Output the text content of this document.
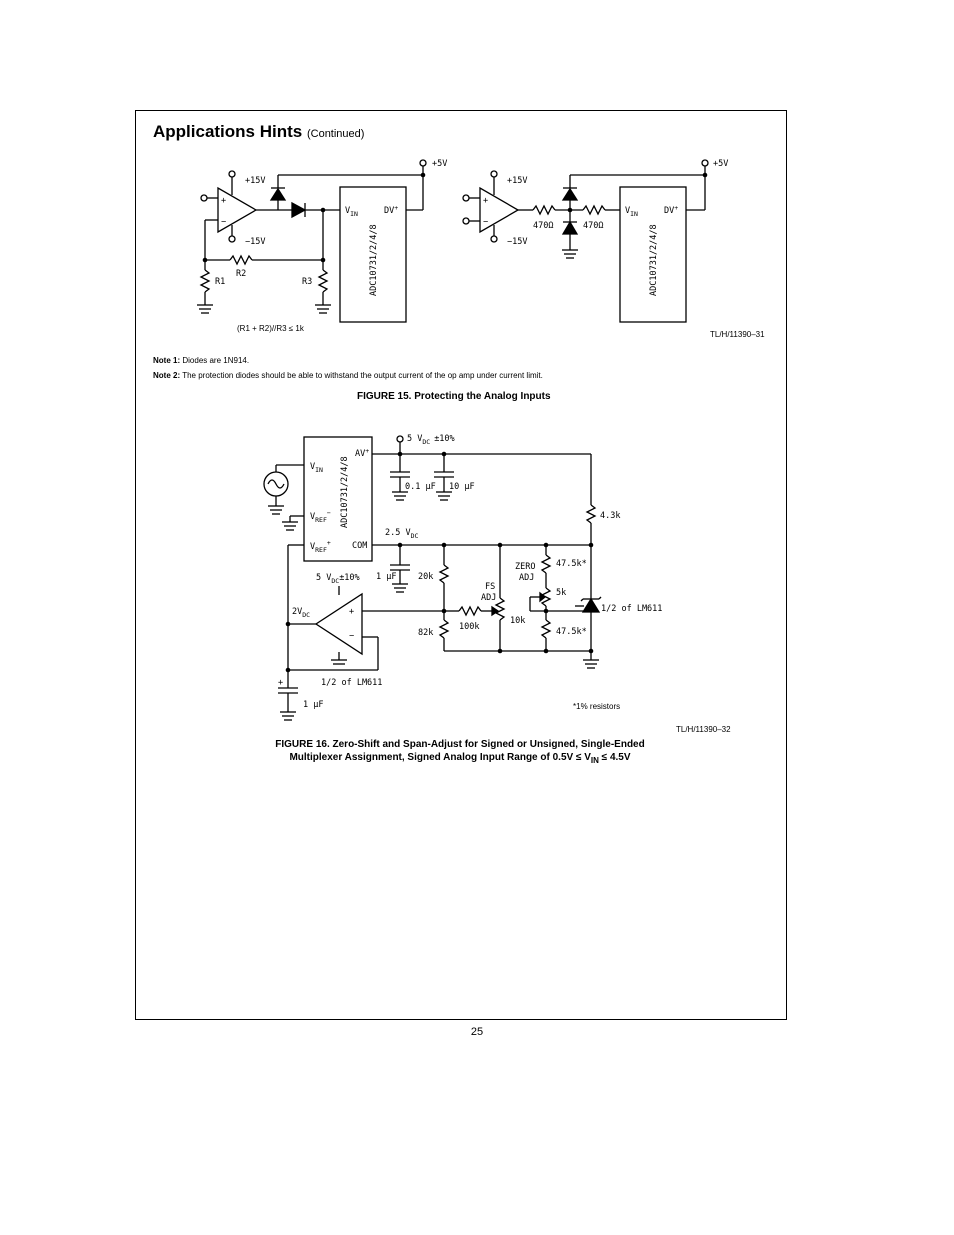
Applications Hints (Continued)
+15V
−15V
+
−
R2
R1	R3
+5V
$V_{IN}$	DV+
ADC10731/2/4/8
+15V
−15V
+
−	470Ω	470Ω
+5V
$V_{IN}$	DV+
ADC10731/2/4/8
5 $V_{DC} \pm 10\%$
AV+
$V_{IN}$
$V_{REF}^-$
$V_{REF}^+$ COM
ADC10731/2/4/8	0.1 μF 10 μF
4.3k
2.5 $V_{DC}$
5 $V_{DC}\pm 10\%$ 1 μF	20k
82k
100k
FS
ADJ
10k
ZERO
ADJ
47.5k*
5k
47.5k*
1/2 of LM611
1/2 of LM611
$2V_{DC}$	+
−
+
1 μF
(R1 + R2)//R3 ≤ 1k
TL/H/11390–31
Note 1: Diodes are 1N914.
Note 2: The protection diodes should be able to withstand the output current of the op amp under current limit.
FIGURE 15. Protecting the Analog Inputs
*1% resistors
TL/H/11390–32
FIGURE 16. Zero-Shift and Span-Adjust for Signed or Unsigned, Single-Ended
Multiplexer Assignment, Signed Analog Input Range of $0.5V \le V_{IN} \le 4.5V$
25
